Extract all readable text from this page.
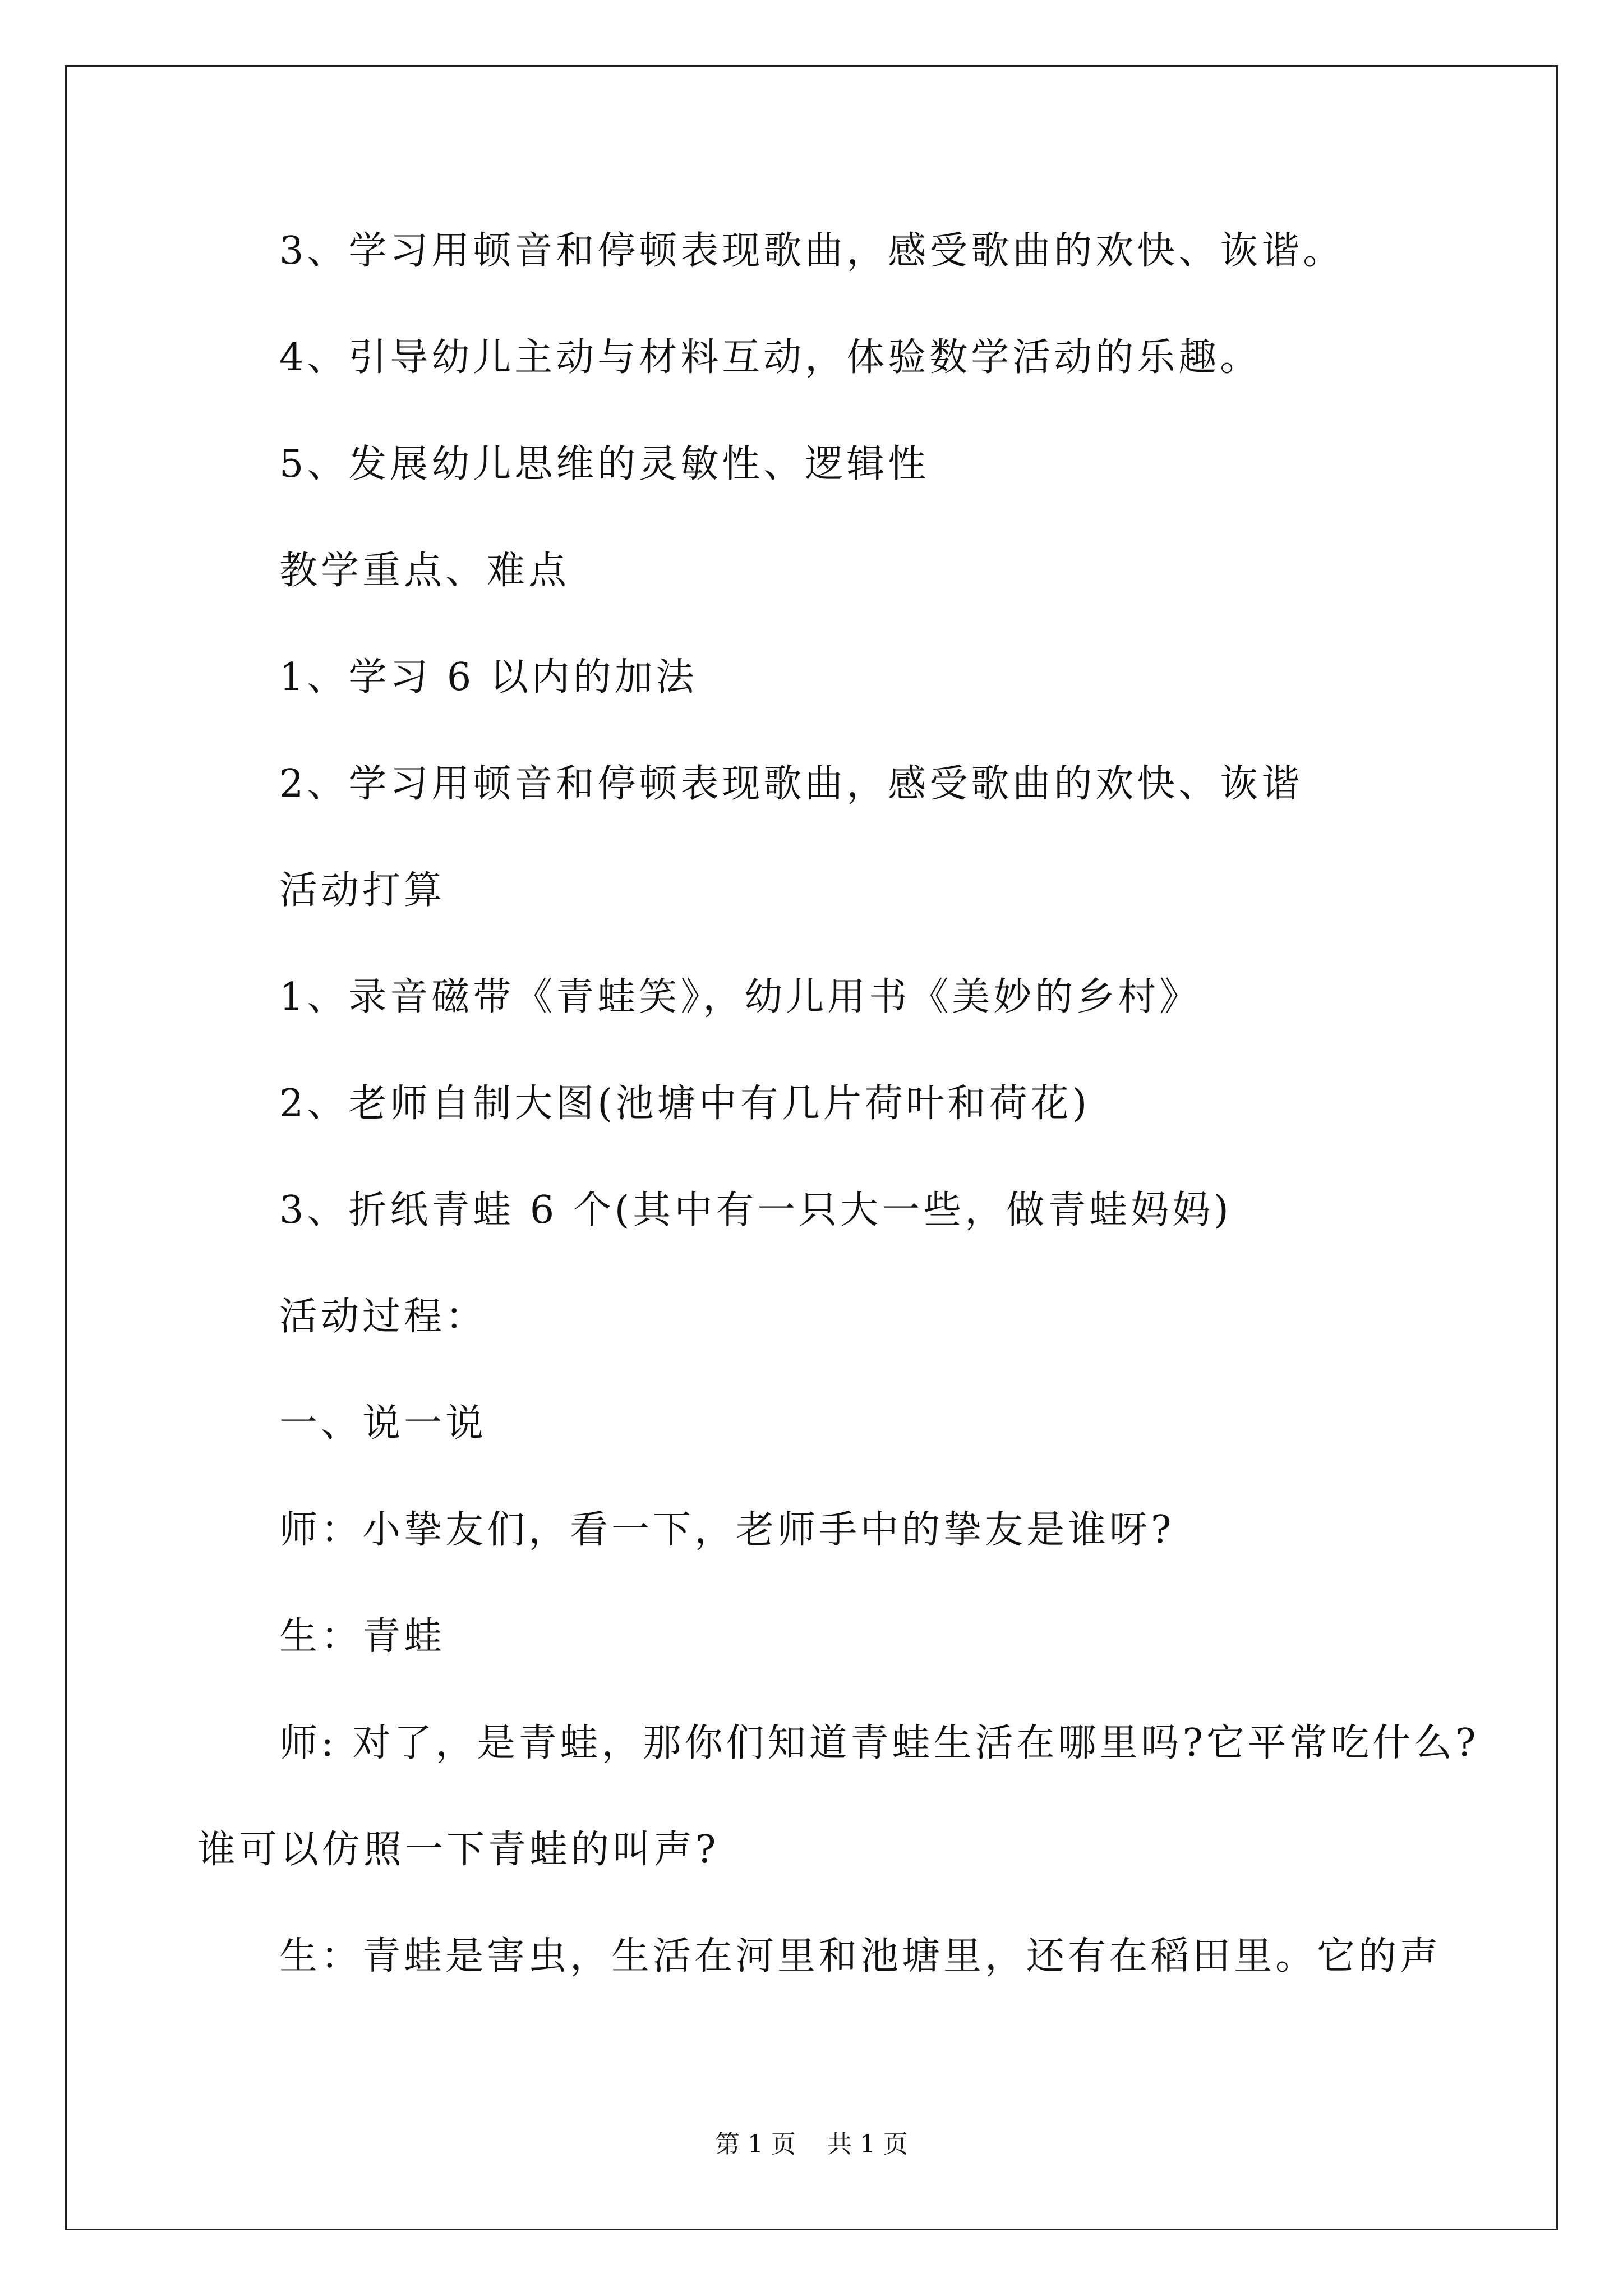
3、学习用顿音和停顿表现歌曲，感受歌曲的欢快、诙谐。
4、引导幼儿主动与材料互动，体验数学活动的乐趣。
5、发展幼儿思维的灵敏性、逻辑性
教学重点、难点
1、学习 6 以内的加法
2、学习用顿音和停顿表现歌曲，感受歌曲的欢快、诙谐
活动打算
1、录音磁带《青蛙笑》，幼儿用书《美妙的乡村》
2、老师自制大图(池塘中有几片荷叶和荷花)
3、折纸青蛙 6 个(其中有一只大一些，做青蛙妈妈)
活动过程：
一、说一说
师：小挚友们，看一下，老师手中的挚友是谁呀?
生：青蛙
师: 对了，是青蛙，那你们知道青蛙生活在哪里吗?它平常吃什么?
谁可以仿照一下青蛙的叫声?
生：青蛙是害虫，生活在河里和池塘里，还有在稻田里。它的声
第 1 页 共 1 页
